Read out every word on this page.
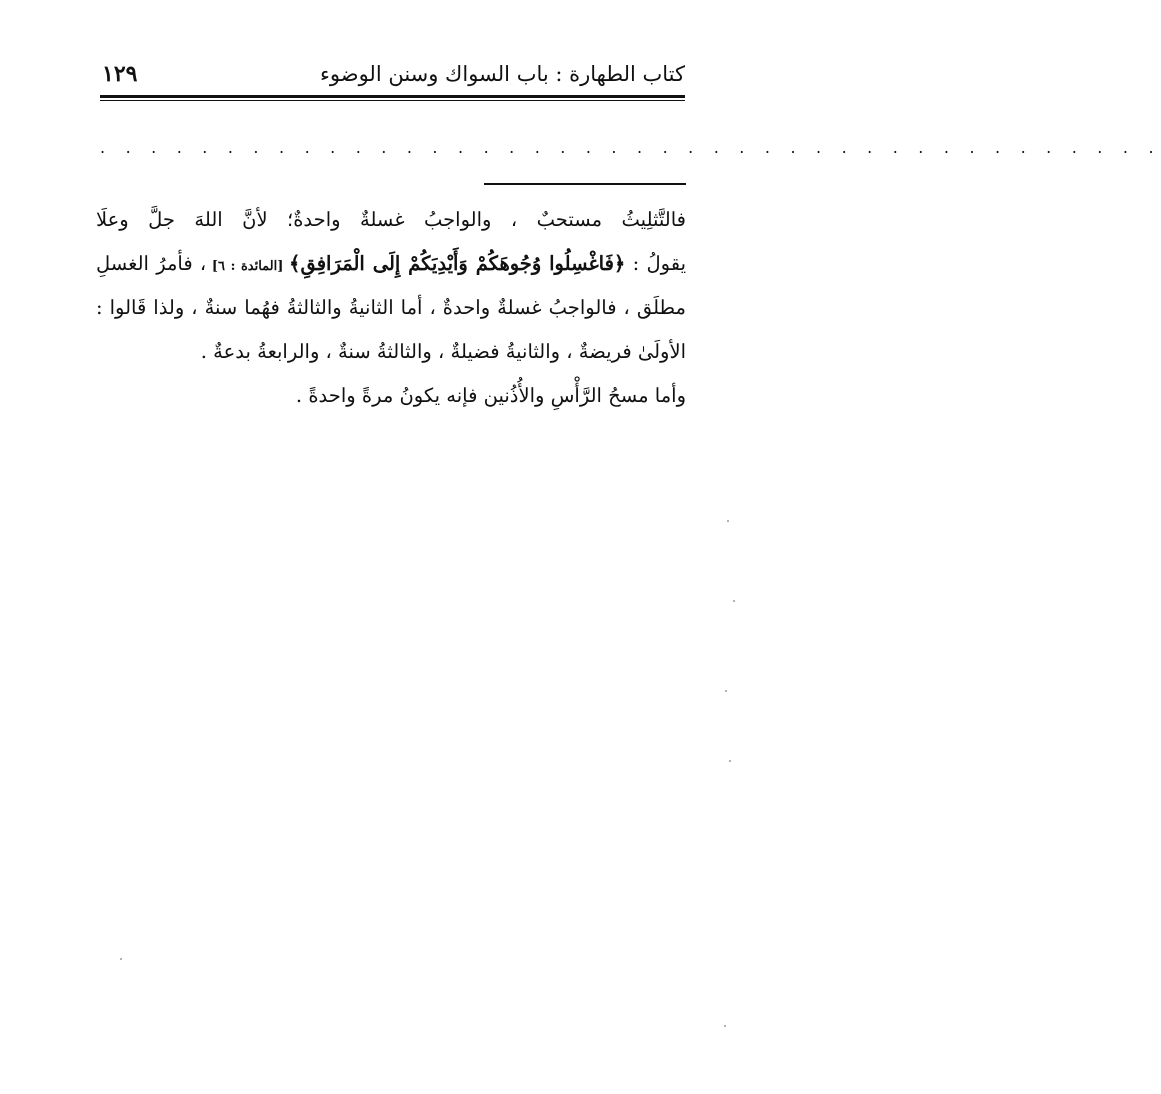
كتاب الطهارة : باب السواك وسنن الوضوء
١٢٩
. . . . . . . . . . . . . . . . . . . . . . . . . . . . . . . . . . . . . . . . . .
فالتَّثلِيثُ مستحبٌ ، والواجبُ غسلةٌ واحدةٌ؛ لأنَّ اللهَ جلَّ وعلَا
يقولُ : ﴿فَاغْسِلُوا وُجُوهَكُمْ وَأَيْدِيَكُمْ إِلَى الْمَرَافِقِ﴾ [المائدة : ٦] ، فأمرُ الغسلِ
مطلَق ، فالواجبُ غسلةٌ واحدةٌ ، أما الثانيةُ والثالثةُ فهُما سنةٌ ، ولذا قَالوا :
الأولَىٰ فريضةٌ ، والثانيةُ فضيلةٌ ، والثالثةُ سنةٌ ، والرابعةُ بدعةٌ .
وأما مسحُ الرَّأْسِ والأُذُنين فإنه يكونُ مرةً واحدةً .
